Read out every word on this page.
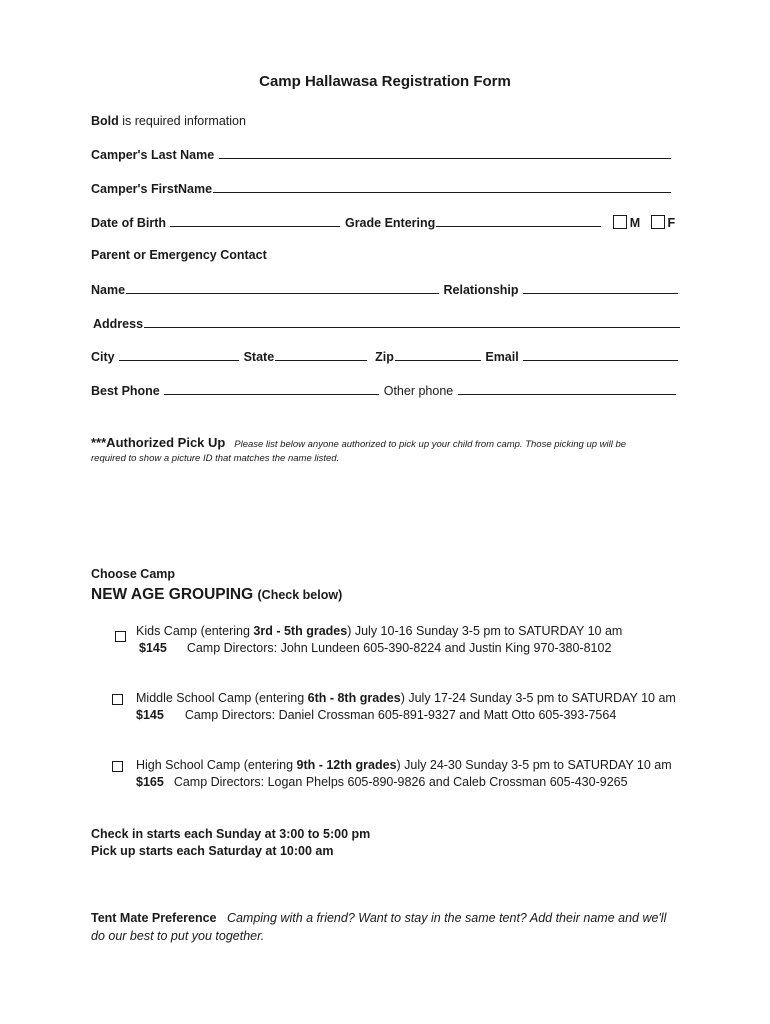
Camp Hallawasa Registration Form
Bold is required information
Camper's Last Name
Camper's FirstName
Date of Birth	Grade Entering	M F
Parent or Emergency Contact
Name	Relationship
Address
City	State	Zip	Email
Best Phone	Other phone
***Authorized Pick Up Please list below anyone authorized to pick up your child from camp. Those picking up will be
required to show a picture ID that matches the name listed.
Choose Camp
NEW AGE GROUPING (Check below)
Kids Camp (entering 3rd - 5th grades) July 10-16 Sunday 3-5 pm to SATURDAY 10 am
$145 Camp Directors: John Lundeen 605-390-8224 and Justin King 970-380-8102
Middle School Camp (entering 6th - 8th grades) July 17-24 Sunday 3-5 pm to SATURDAY 10 am
$145 Camp Directors: Daniel Crossman 605-891-9327 and Matt Otto 605-393-7564
High School Camp (entering 9th - 12th grades) July 24-30 Sunday 3-5 pm to SATURDAY 10 am
$165 Camp Directors: Logan Phelps 605-890-9826 and Caleb Crossman 605-430-9265
Check in starts each Sunday at 3:00 to 5:00 pm
Pick up starts each Saturday at 10:00 am
Tent Mate Preference Camping with a friend? Want to stay in the same tent? Add their name and we'll
do our best to put you together.
